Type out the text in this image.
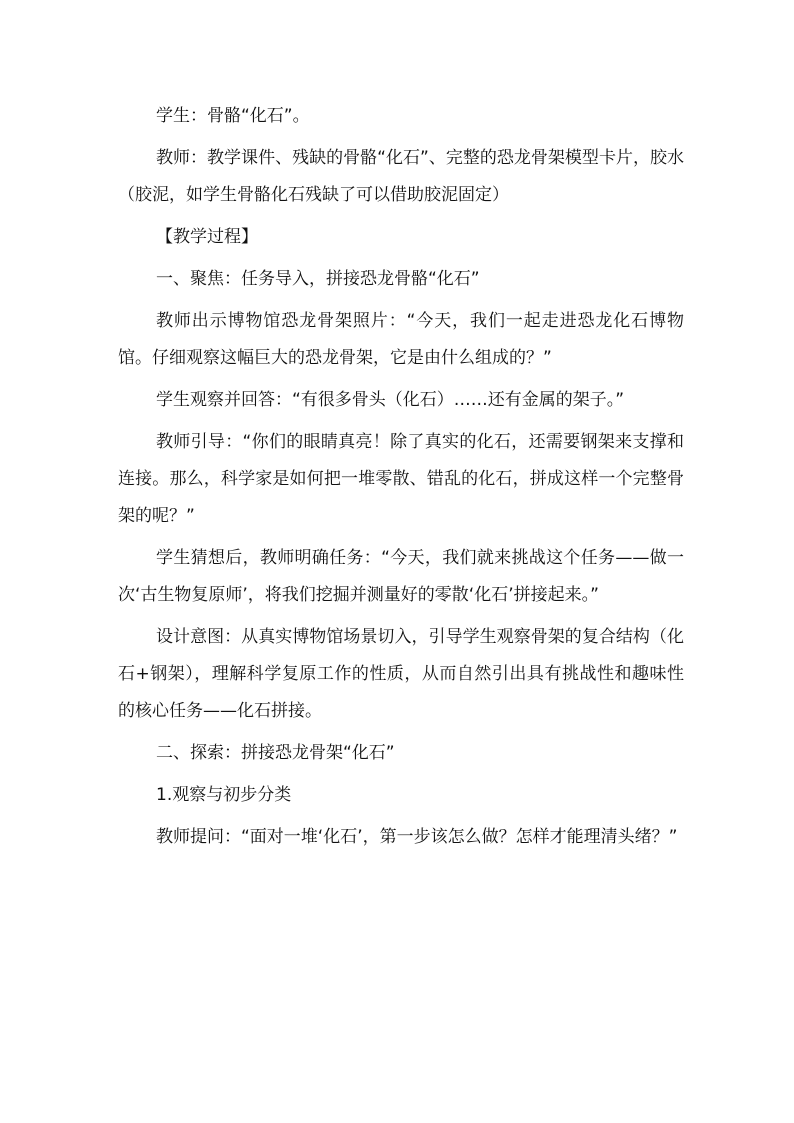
学生：骨骼“化石”。

教师：教学课件、残缺的骨骼“化石”、完整的恐龙骨架模型卡片，胶水（胶泥，如学生骨骼化石残缺了可以借助胶泥固定）

【教学过程】

一、聚焦：任务导入，拼接恐龙骨骼“化石”

教师出示博物馆恐龙骨架照片：“今天，我们一起走进恐龙化石博物馆。仔细观察这幅巨大的恐龙骨架，它是由什么组成的？”

学生观察并回答：“有很多骨头（化石）……还有金属的架子。”

教师引导：“你们的眼睛真亮！除了真实的化石，还需要钢架来支撑和连接。那么，科学家是如何把一堆零散、错乱的化石，拼成这样一个完整骨架的呢？”

学生猜想后，教师明确任务：“今天，我们就来挑战这个任务——做一次‘古生物复原师’，将我们挖掘并测量好的零散‘化石’拼接起来。”

设计意图：从真实博物馆场景切入，引导学生观察骨架的复合结构（化石+钢架），理解科学复原工作的性质，从而自然引出具有挑战性和趣味性的核心任务——化石拼接。

二、探索：拼接恐龙骨架“化石”

1.观察与初步分类

教师提问：“面对一堆‘化石’，第一步该怎么做？怎样才能理清头绪？”
